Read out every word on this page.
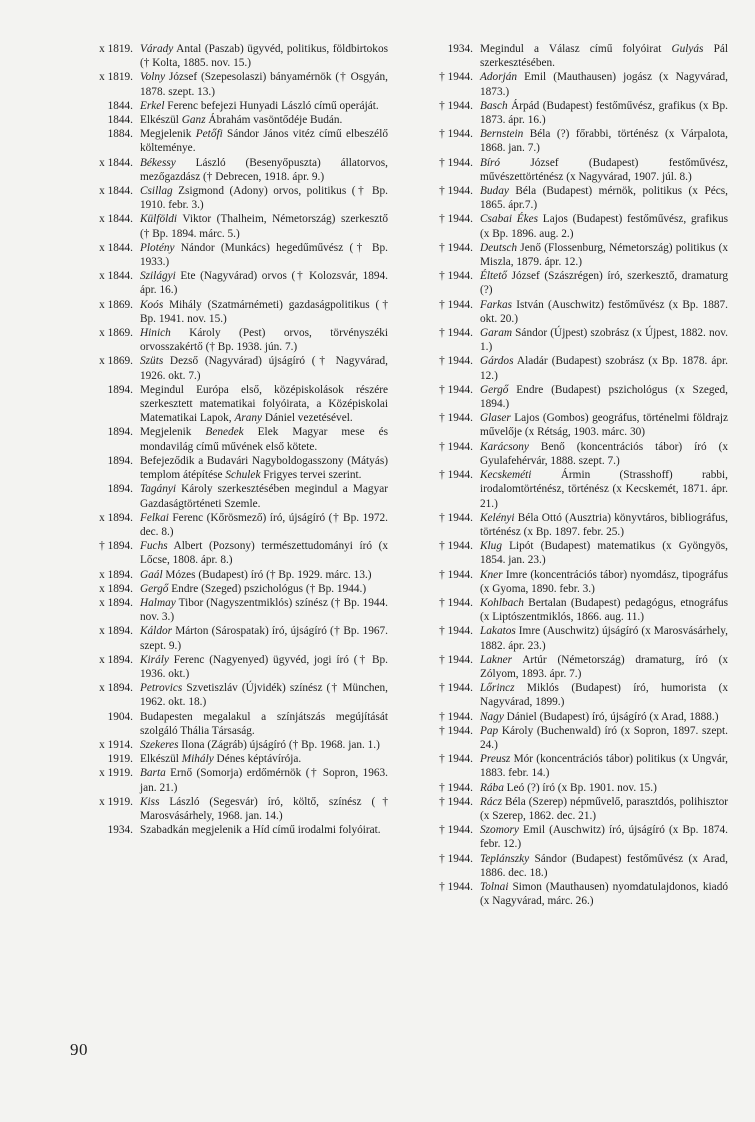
x 1819. Várady Antal (Paszab) ügyvéd, politikus, földbirtokos († Kolta, 1885. nov. 15.)
x 1819. Volny József (Szepesolaszi) bányamérnök († Osgyán, 1878. szept. 13.)
1844. Erkel Ferenc befejezi Hunyadi László című operáját.
1844. Elkészül Ganz Ábrahám vasöntődéje Budán.
1884. Megjelenik Petőfi Sándor János vitéz című elbeszélő költeménye.
x 1844. Békessy László (Besenyőpuszta) állatorvos, mezőgazdász († Debrecen, 1918. ápr. 9.)
x 1844. Csillag Zsigmond (Adony) orvos, politikus († Bp. 1910. febr. 3.)
x 1844. Külföldi Viktor (Thalheim, Németország) szerkesztő († Bp. 1894. márc. 5.)
x 1844. Plotény Nándor (Munkács) hegedűművész († Bp. 1933.)
x 1844. Szilágyi Ete (Nagyvárad) orvos († Kolozsvár, 1894. ápr. 16.)
x 1869. Koós Mihály (Szatmárnémeti) gazdaságpolitikus († Bp. 1941. nov. 15.)
x 1869. Hinich Károly (Pest) orvos, törvényszéki orvosszakértő († Bp. 1938. jún. 7.)
x 1869. Szüts Dezső (Nagyvárad) újságíró († Nagyvárad, 1926. okt. 7.)
1894. Megindul Európa első, középiskolások részére szerkesztett matematikai folyóirata, a Középiskolai Matematikai Lapok, Arany Dániel vezetésével.
1894. Megjelenik Benedek Elek Magyar mese és mondavilág című művének első kötete.
1894. Befejeződik a Budavári Nagyboldogasszony (Mátyás) templom átépítése Schulek Frigyes tervei szerint.
1894. Tagányi Károly szerkesztésében megindul a Magyar Gazdaságtörténeti Szemle.
x 1894. Felkai Ferenc (Kőrösmező) író, újságíró († Bp. 1972. dec. 8.)
† 1894. Fuchs Albert (Pozsony) természettudományi író (x Lőcse, 1808. ápr. 8.)
x 1894. Gaál Mózes (Budapest) író († Bp. 1929. márc. 13.)
x 1894. Gergő Endre (Szeged) pszichológus († Bp. 1944.)
x 1894. Halmay Tibor (Nagyszentmiklós) színész († Bp. 1944. nov. 3.)
x 1894. Káldor Márton (Sárospatak) író, újságíró († Bp. 1967. szept. 9.)
x 1894. Király Ferenc (Nagyenyed) ügyvéd, jogi író († Bp. 1936. okt.)
x 1894. Petrovics Szvetiszláv (Újvidék) színész († München, 1962. okt. 18.)
1904. Budapesten megalakul a színjátszás megújítását szolgáló Thália Társaság.
x 1914. Szekeres Ilona (Zágráb) újságíró († Bp. 1968. jan. 1.)
1919. Elkészül Mihály Dénes képtávírója.
x 1919. Barta Ernő (Somorja) erdőmérnök († Sopron, 1963. jan. 21.)
x 1919. Kiss László (Segesvár) író, költő, színész († Marosvásárhely, 1968. jan. 14.)
1934. Szabadkán megjelenik a Híd című irodalmi folyóirat.
1934. Megindul a Válasz című folyóirat Gulyás Pál szerkesztésében.
† 1944. Adorján Emil (Mauthausen) jogász (x Nagyvárad, 1873.)
† 1944. Basch Árpád (Budapest) festőművész, grafikus (x Bp. 1873. ápr. 16.)
† 1944. Bernstein Béla (?) főrabbi, történész (x Várpalota, 1868. jan. 7.)
† 1944. Bíró József (Budapest) festőművész, művészettörténész (x Nagyvárad, 1907. júl. 8.)
† 1944. Buday Béla (Budapest) mérnök, politikus (x Pécs, 1865. ápr.7.)
† 1944. Csabai Ékes Lajos (Budapest) festőművész, grafikus (x Bp. 1896. aug. 2.)
† 1944. Deutsch Jenő (Flossenburg, Németország) politikus (x Miszla, 1879. ápr. 12.)
† 1944. Éltető József (Szászrégen) író, szerkesztő, dramaturg (?)
† 1944. Farkas István (Auschwitz) festőművész (x Bp. 1887. okt. 20.)
† 1944. Garam Sándor (Újpest) szobrász (x Újpest, 1882. nov. 1.)
† 1944. Gárdos Aladár (Budapest) szobrász (x Bp. 1878. ápr. 12.)
† 1944. Gergő Endre (Budapest) pszichológus (x Szeged, 1894.)
† 1944. Glaser Lajos (Gombos) geográfus, történelmi földrajz művelője (x Rétság, 1903. márc. 30)
† 1944. Karácsony Benő (koncentrációs tábor) író (x Gyulafehérvár, 1888. szept. 7.)
† 1944. Kecskeméti Ármin (Strasshoff) rabbi, irodalomtörténész, történész (x Kecskemét, 1871. ápr. 21.)
† 1944. Kelényi Béla Ottó (Ausztria) könyvtáros, bibliográfus, történész (x Bp. 1897. febr. 25.)
† 1944. Klug Lipót (Budapest) matematikus (x Gyöngyös, 1854. jan. 23.)
† 1944. Kner Imre (koncentrációs tábor) nyomdász, tipográfus (x Gyoma, 1890. febr. 3.)
† 1944. Kohlbach Bertalan (Budapest) pedagógus, etnográfus (x Liptószentmiklós, 1866. aug. 11.)
† 1944. Lakatos Imre (Auschwitz) újságíró (x Marosvásárhely, 1882. ápr. 23.)
† 1944. Lakner Artúr (Németország) dramaturg, író (x Zólyom, 1893. ápr. 7.)
† 1944. Lőrincz Miklós (Budapest) író, humorista (x Nagyvárad, 1899.)
† 1944. Nagy Dániel (Budapest) író, újságíró (x Arad, 1888.)
† 1944. Pap Károly (Buchenwald) író (x Sopron, 1897. szept. 24.)
† 1944. Preusz Mór (koncentrációs tábor) politikus (x Ungvár, 1883. febr. 14.)
† 1944. Rába Leó (?) író (x Bp. 1901. nov. 15.)
† 1944. Rácz Béla (Szerep) népművelő, parasztdós, polihisztor (x Szerep, 1862. dec. 21.)
† 1944. Szomory Emil (Auschwitz) író, újságíró (x Bp. 1874. febr. 12.)
† 1944. Teplánszky Sándor (Budapest) festőművész (x Arad, 1886. dec. 18.)
† 1944. Tolnai Simon (Mauthausen) nyomdatulajdonos, kiadó (x Nagyvárad, márc. 26.)
90
